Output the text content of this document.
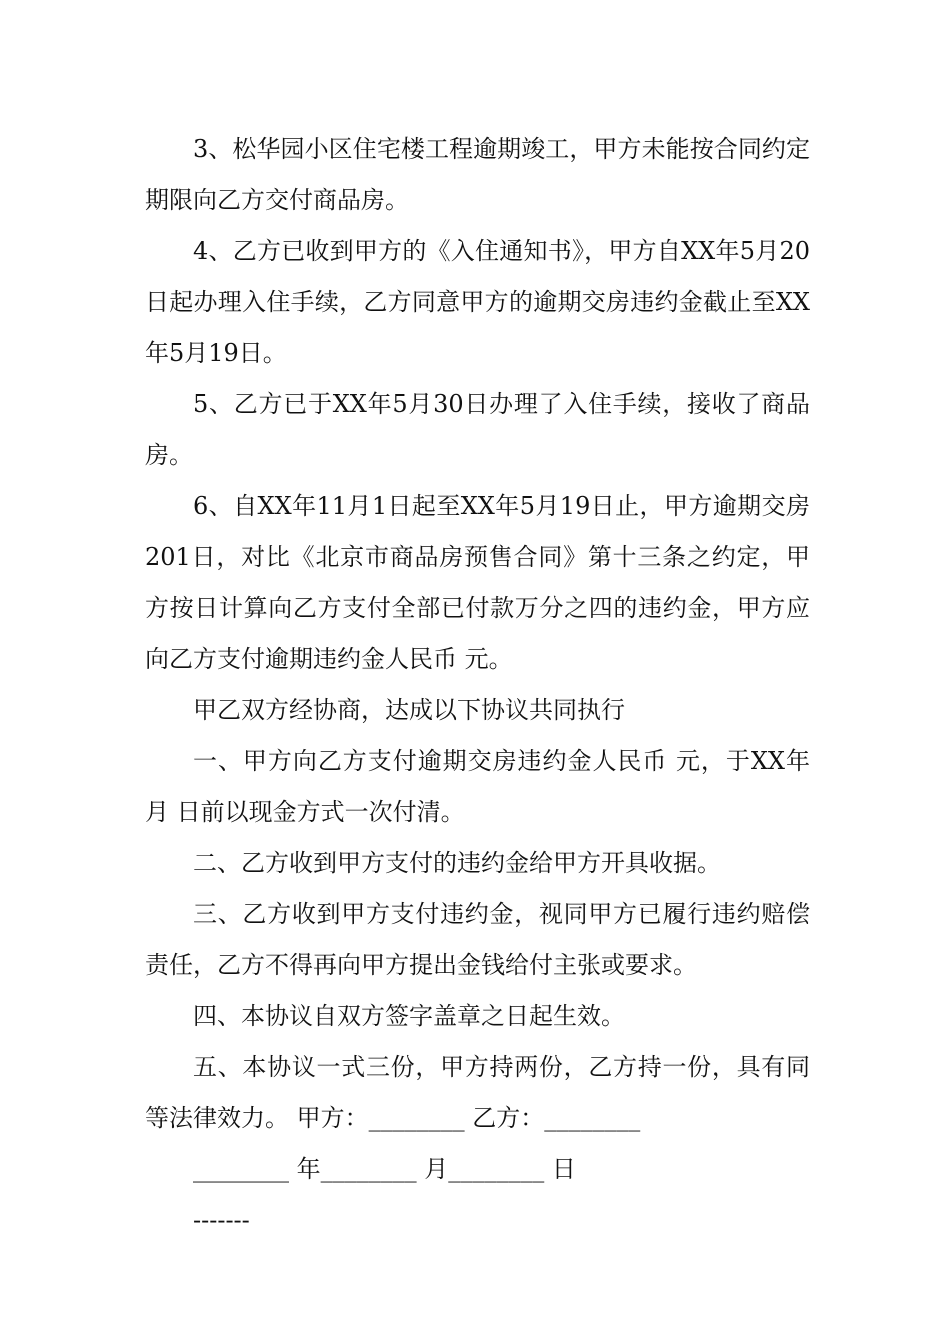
3、松华园小区住宅楼工程逾期竣工，甲方未能按合同约定期限向乙方交付商品房。

4、乙方已收到甲方的《入住通知书》，甲方自XX年5月20日起办理入住手续，乙方同意甲方的逾期交房违约金截止至XX年5月19日。

5、乙方已于XX年5月30日办理了入住手续，接收了商品房。

6、自XX年11月1日起至XX年5月19日止，甲方逾期交房201日，对比《北京市商品房预售合同》第十三条之约定，甲方按日计算向乙方支付全部已付款万分之四的违约金，甲方应向乙方支付逾期违约金人民币 元。

甲乙双方经协商，达成以下协议共同执行

一、甲方向乙方支付逾期交房违约金人民币 元，于XX年 月 日前以现金方式一次付清。

二、乙方收到甲方支付的违约金给甲方开具收据。

三、乙方收到甲方支付违约金，视同甲方已履行违约赔偿责任，乙方不得再向甲方提出金钱给付主张或要求。

四、本协议自双方签字盖章之日起生效。

五、本协议一式三份，甲方持两份，乙方持一份，具有同等法律效力。 甲方：________ 乙方：________

________ 年________ 月________ 日

-------
